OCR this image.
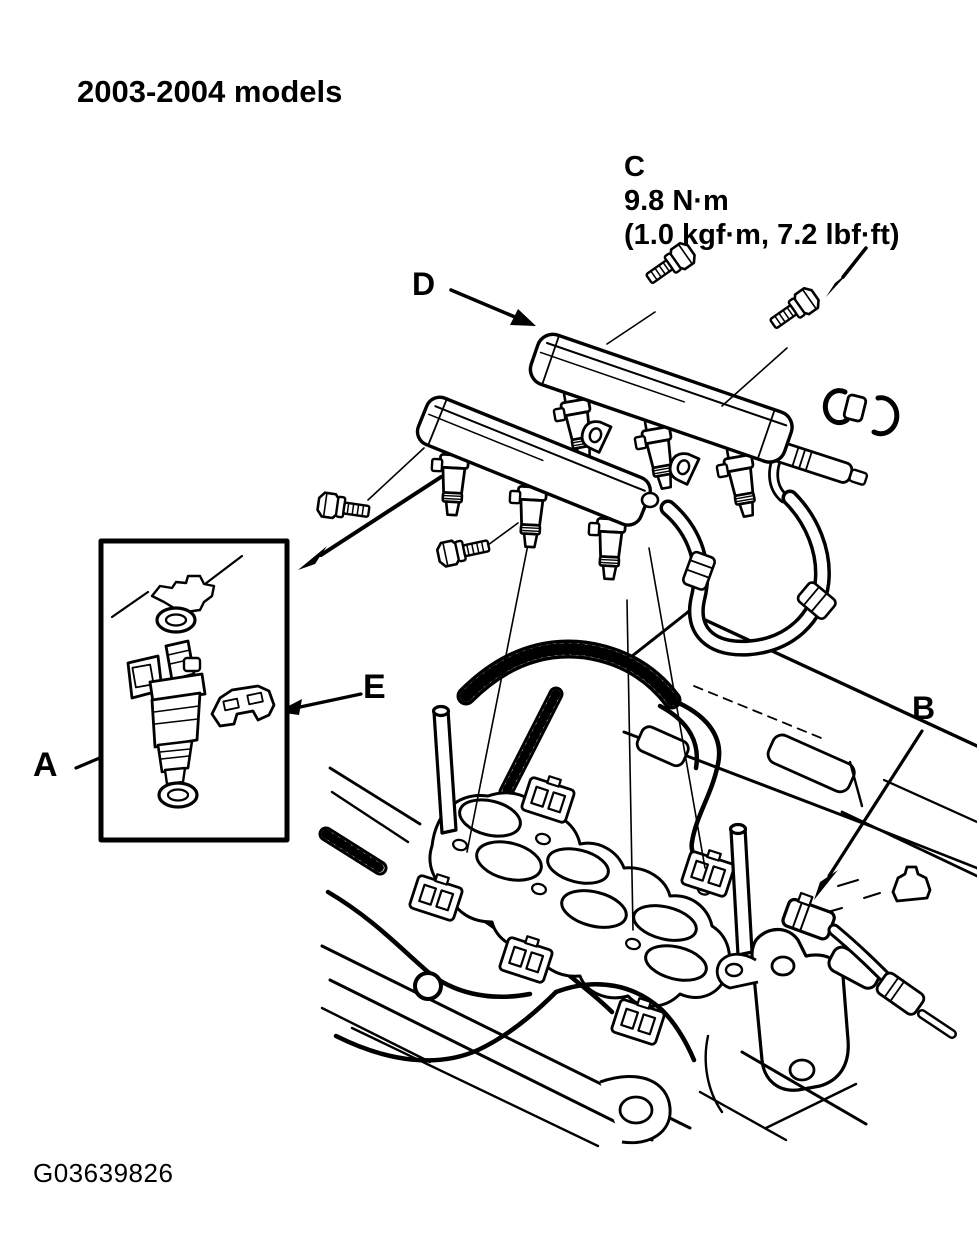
2003-2004 models
C
9.8 N·m
(1.0 kgf·m, 7.2 lbf·ft)
D
A
E
B
G03639826
